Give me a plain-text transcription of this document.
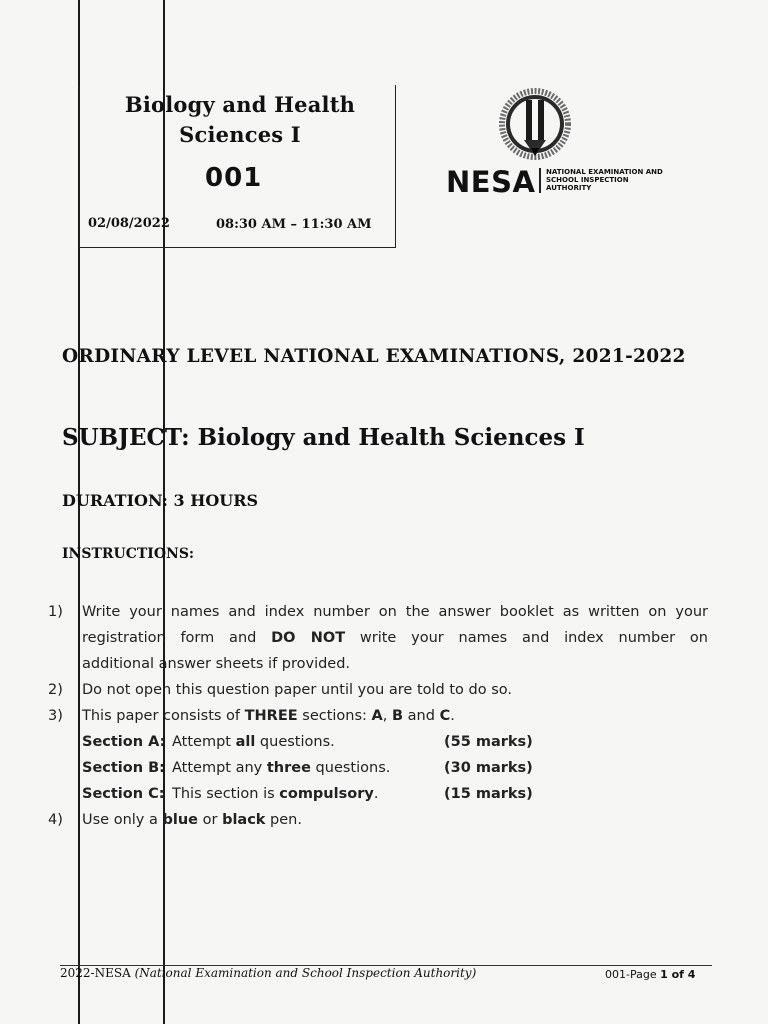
Biology and Health
Sciences I
001
02/08/2022	08:30 AM – 11:30 AM
NESA NATIONAL EXAMINATION AND
SCHOOL INSPECTION
AUTHORITY
ORDINARY LEVEL NATIONAL EXAMINATIONS, 2021-2022
SUBJECT: Biology and Health Sciences I
DURATION: 3 HOURS
INSTRUCTIONS:
1)	Write your names and index number on the answer booklet as written on your
registration form and DO NOT write your names and index number on
additional answer sheets if provided.
2)	Do not open this question paper until you are told to do so.
3)	This paper consists of THREE sections: A, B and C.
Section A: Attempt all questions.	(55 marks)
Section B: Attempt any three questions.	(30 marks)
Section C: This section is compulsory.	(15 marks)
4)	Use only a blue or black pen.
2022-NESA (National Examination and School Inspection Authority)	001-Page 1 of 4
